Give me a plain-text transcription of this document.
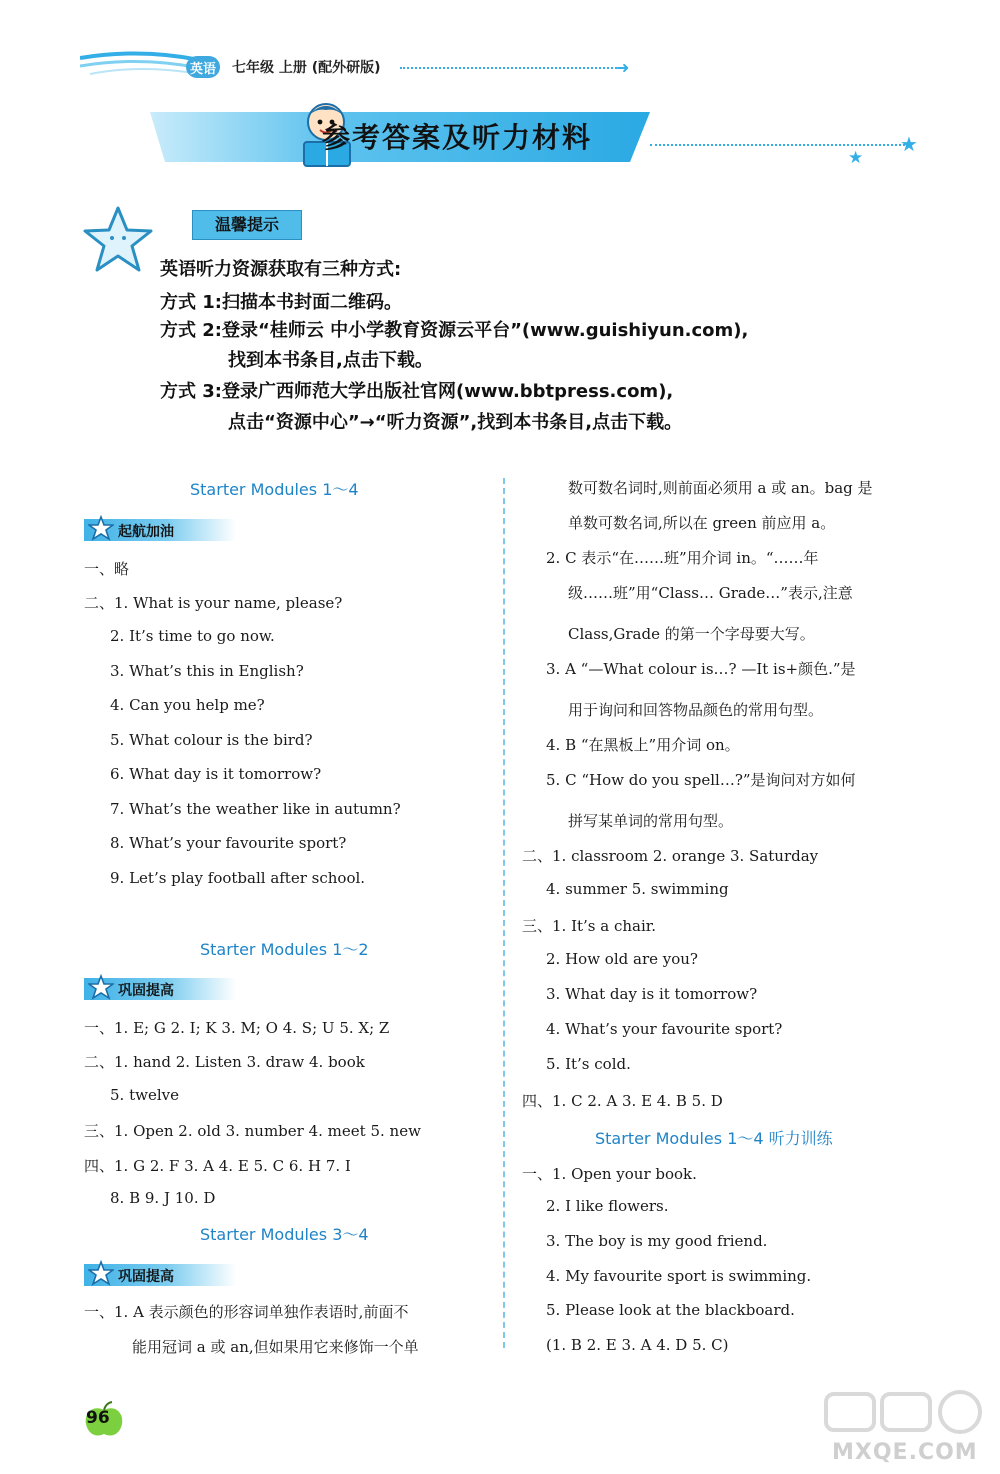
英语 七年级 上册 (配外研版)	➜
参考答案及听力材料	★
★
温馨提示
英语听力资源获取有三种方式:
方式 1:扫描本书封面二维码。
方式 2:登录“桂师云 中小学教育资源云平台”(www.guishiyun.com),
找到本书条目,点击下载。
方式 3:登录广西师范大学出版社官网(www.bbtpress.com),
点击“资源中心”→“听力资源”,找到本书条目,点击下载。
Starter Modules 1～4
起航加油
一、略
二、1. What is your name, please?
2. It’s time to go now.
3. What’s this in English?
4. Can you help me?
5. What colour is the bird?
6. What day is it tomorrow?
7. What’s the weather like in autumn?
8. What’s your favourite sport?
9. Let’s play football after school.
Starter Modules 1～2
巩固提高
一、1. E; G 2. I; K 3. M; O 4. S; U 5. X; Z
二、1. hand 2. Listen 3. draw 4. book
5. twelve
三、1. Open 2. old 3. number 4. meet 5. new
四、1. G 2. F 3. A 4. E 5. C 6. H 7. I
8. B 9. J 10. D
Starter Modules 3～4
巩固提高
一、1. A 表示颜色的形容词单独作表语时,前面不
能用冠词 a 或 an,但如果用它来修饰一个单
数可数名词时,则前面必须用 a 或 an。bag 是
单数可数名词,所以在 green 前应用 a。
2. C 表示“在……班”用介词 in。“……年
级……班”用“Class… Grade…”表示,注意
Class,Grade 的第一个字母要大写。
3. A “—What colour is…? —It is+颜色.”是
用于询问和回答物品颜色的常用句型。
4. B “在黑板上”用介词 on。
5. C “How do you spell…?”是询问对方如何
拼写某单词的常用句型。
二、1. classroom 2. orange 3. Saturday
4. summer 5. swimming
三、1. It’s a chair.
2. How old are you?
3. What day is it tomorrow?
4. What’s your favourite sport?
5. It’s cold.
四、1. C 2. A 3. E 4. B 5. D
Starter Modules 1～4 听力训练
一、1. Open your book.
2. I like flowers.
3. The boy is my good friend.
4. My favourite sport is swimming.
5. Please look at the blackboard.
(1. B 2. E 3. A 4. D 5. C)
96
MXQE.COM
